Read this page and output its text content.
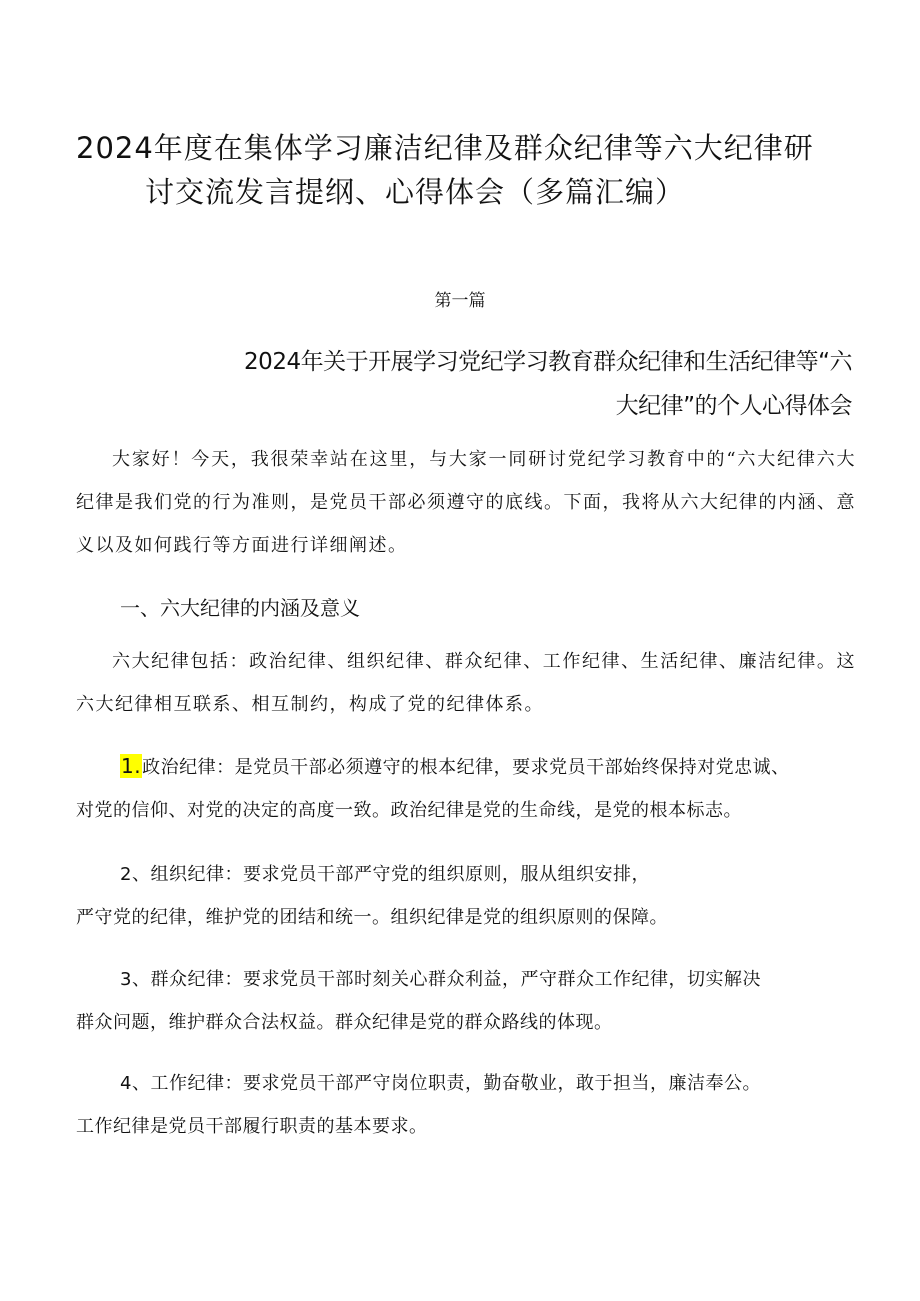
2024年度在集体学习廉洁纪律及群众纪律等六大纪律研
讨交流发言提纲、心得体会（多篇汇编）
第一篇
2024年关于开展学习党纪学习教育群众纪律和生活纪律等“六
大纪律”的个人心得体会

大家好！今天，我很荣幸站在这里，与大家一同研讨党纪学习教育中的“六大纪律六大纪律是我们党的行为准则，是党员干部必须遵守的底线。下面，我将从六大纪律的内涵、意义以及如何践行等方面进行详细阐述。

一、六大纪律的内涵及意义

六大纪律包括：政治纪律、组织纪律、群众纪律、工作纪律、生活纪律、廉洁纪律。这六大纪律相互联系、相互制约，构成了党的纪律体系。

1.政治纪律：是党员干部必须遵守的根本纪律，要求党员干部始终保持对党忠诚、
对党的信仰、对党的决定的高度一致。政治纪律是党的生命线，是党的根本标志。
2、组织纪律：要求党员干部严守党的组织原则，服从组织安排，
严守党的纪律，维护党的团结和统一。组织纪律是党的组织原则的保障。
3、群众纪律：要求党员干部时刻关心群众利益，严守群众工作纪律，切实解决
群众问题，维护群众合法权益。群众纪律是党的群众路线的体现。
4、工作纪律：要求党员干部严守岗位职责，勤奋敬业，敢于担当，廉洁奉公。
工作纪律是党员干部履行职责的基本要求。
